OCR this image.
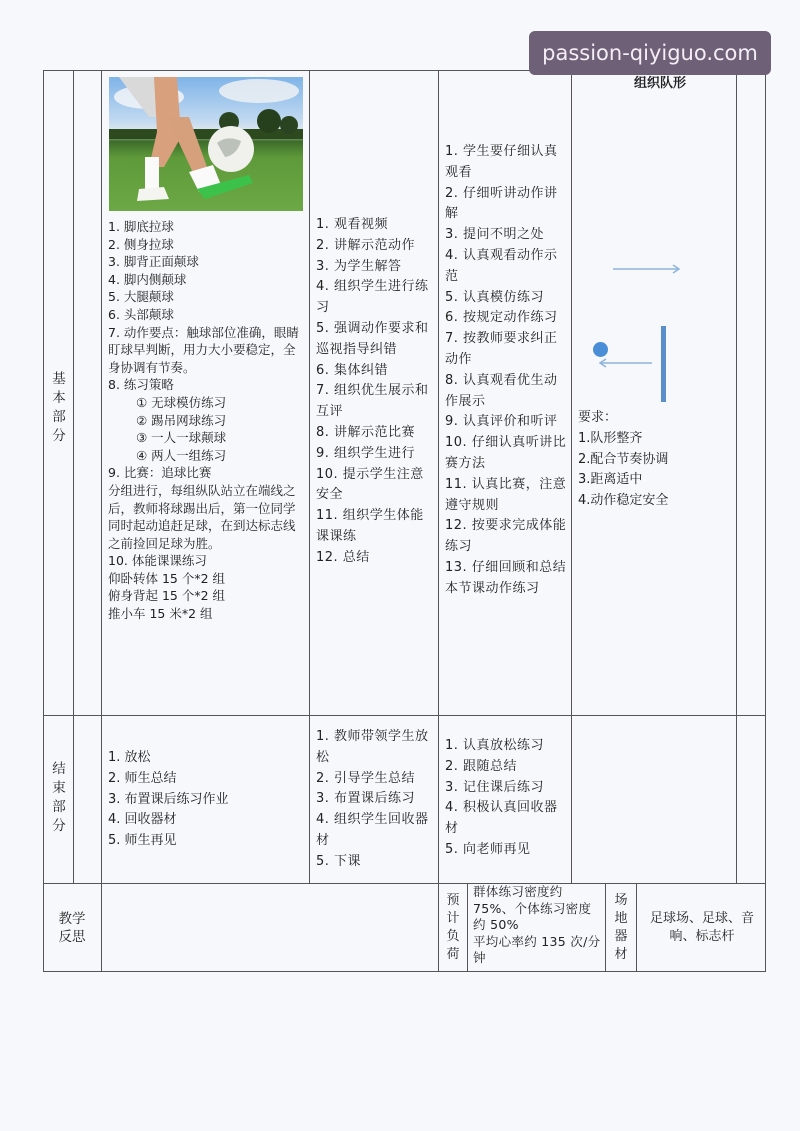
基
本
部
分
1. 脚底拉球
2. 侧身拉球
3. 脚背正面颠球
4. 脚内侧颠球
5. 大腿颠球
6. 头部颠球
7. 动作要点：触球部位准确，眼睛盯球早判断，用力大小要稳定，全身协调有节奏。
8. 练习策略
① 无球模仿练习
② 踢吊网球练习
③ 一人一球颠球
④ 两人一组练习
9. 比赛：追球比赛
分组进行，每组纵队站立在端线之后，教师将球踢出后，第一位同学同时起动追赶足球，在到达标志线之前捡回足球为胜。
10. 体能课课练习
仰卧转体 15 个*2 组
俯身背起 15 个*2 组
推小车 15 米*2 组
1. 观看视频
2. 讲解示范动作
3. 为学生解答
4. 组织学生进行练习
5. 强调动作要求和巡视指导纠错
6. 集体纠错
7. 组织优生展示和互评
8. 讲解示范比赛
9. 组织学生进行
10. 提示学生注意安全
11. 组织学生体能课课练
12. 总结
1. 学生要仔细认真观看
2. 仔细听讲动作讲解
3. 提问不明之处
4. 认真观看动作示范
5. 认真模仿练习
6. 按规定动作练习
7. 按教师要求纠正动作
8. 认真观看优生动作展示
9. 认真评价和听评
10. 仔细认真听讲比赛方法
11. 认真比赛，注意遵守规则
12. 按要求完成体能练习
13. 仔细回顾和总结本节课动作练习
组织队形
要求：
1.队形整齐
2.配合节奏协调
3.距离适中
4.动作稳定安全
结
束
部
分
1. 放松
2. 师生总结
3. 布置课后练习作业
4. 回收器材
5. 师生再见
1. 教师带领学生放松
2. 引导学生总结
3. 布置课后练习
4. 组织学生回收器材
5. 下课
1. 认真放松练习
2. 跟随总结
3. 记住课后练习
4. 积极认真回收器材
5. 向老师再见
教学
反思
预
计
负
荷
群体练习密度约 75%、个体练习密度约 50%
平均心率约 135 次/分钟
场
地
器
材
足球场、足球、音响、标志杆
passion-qiyiguo.com
